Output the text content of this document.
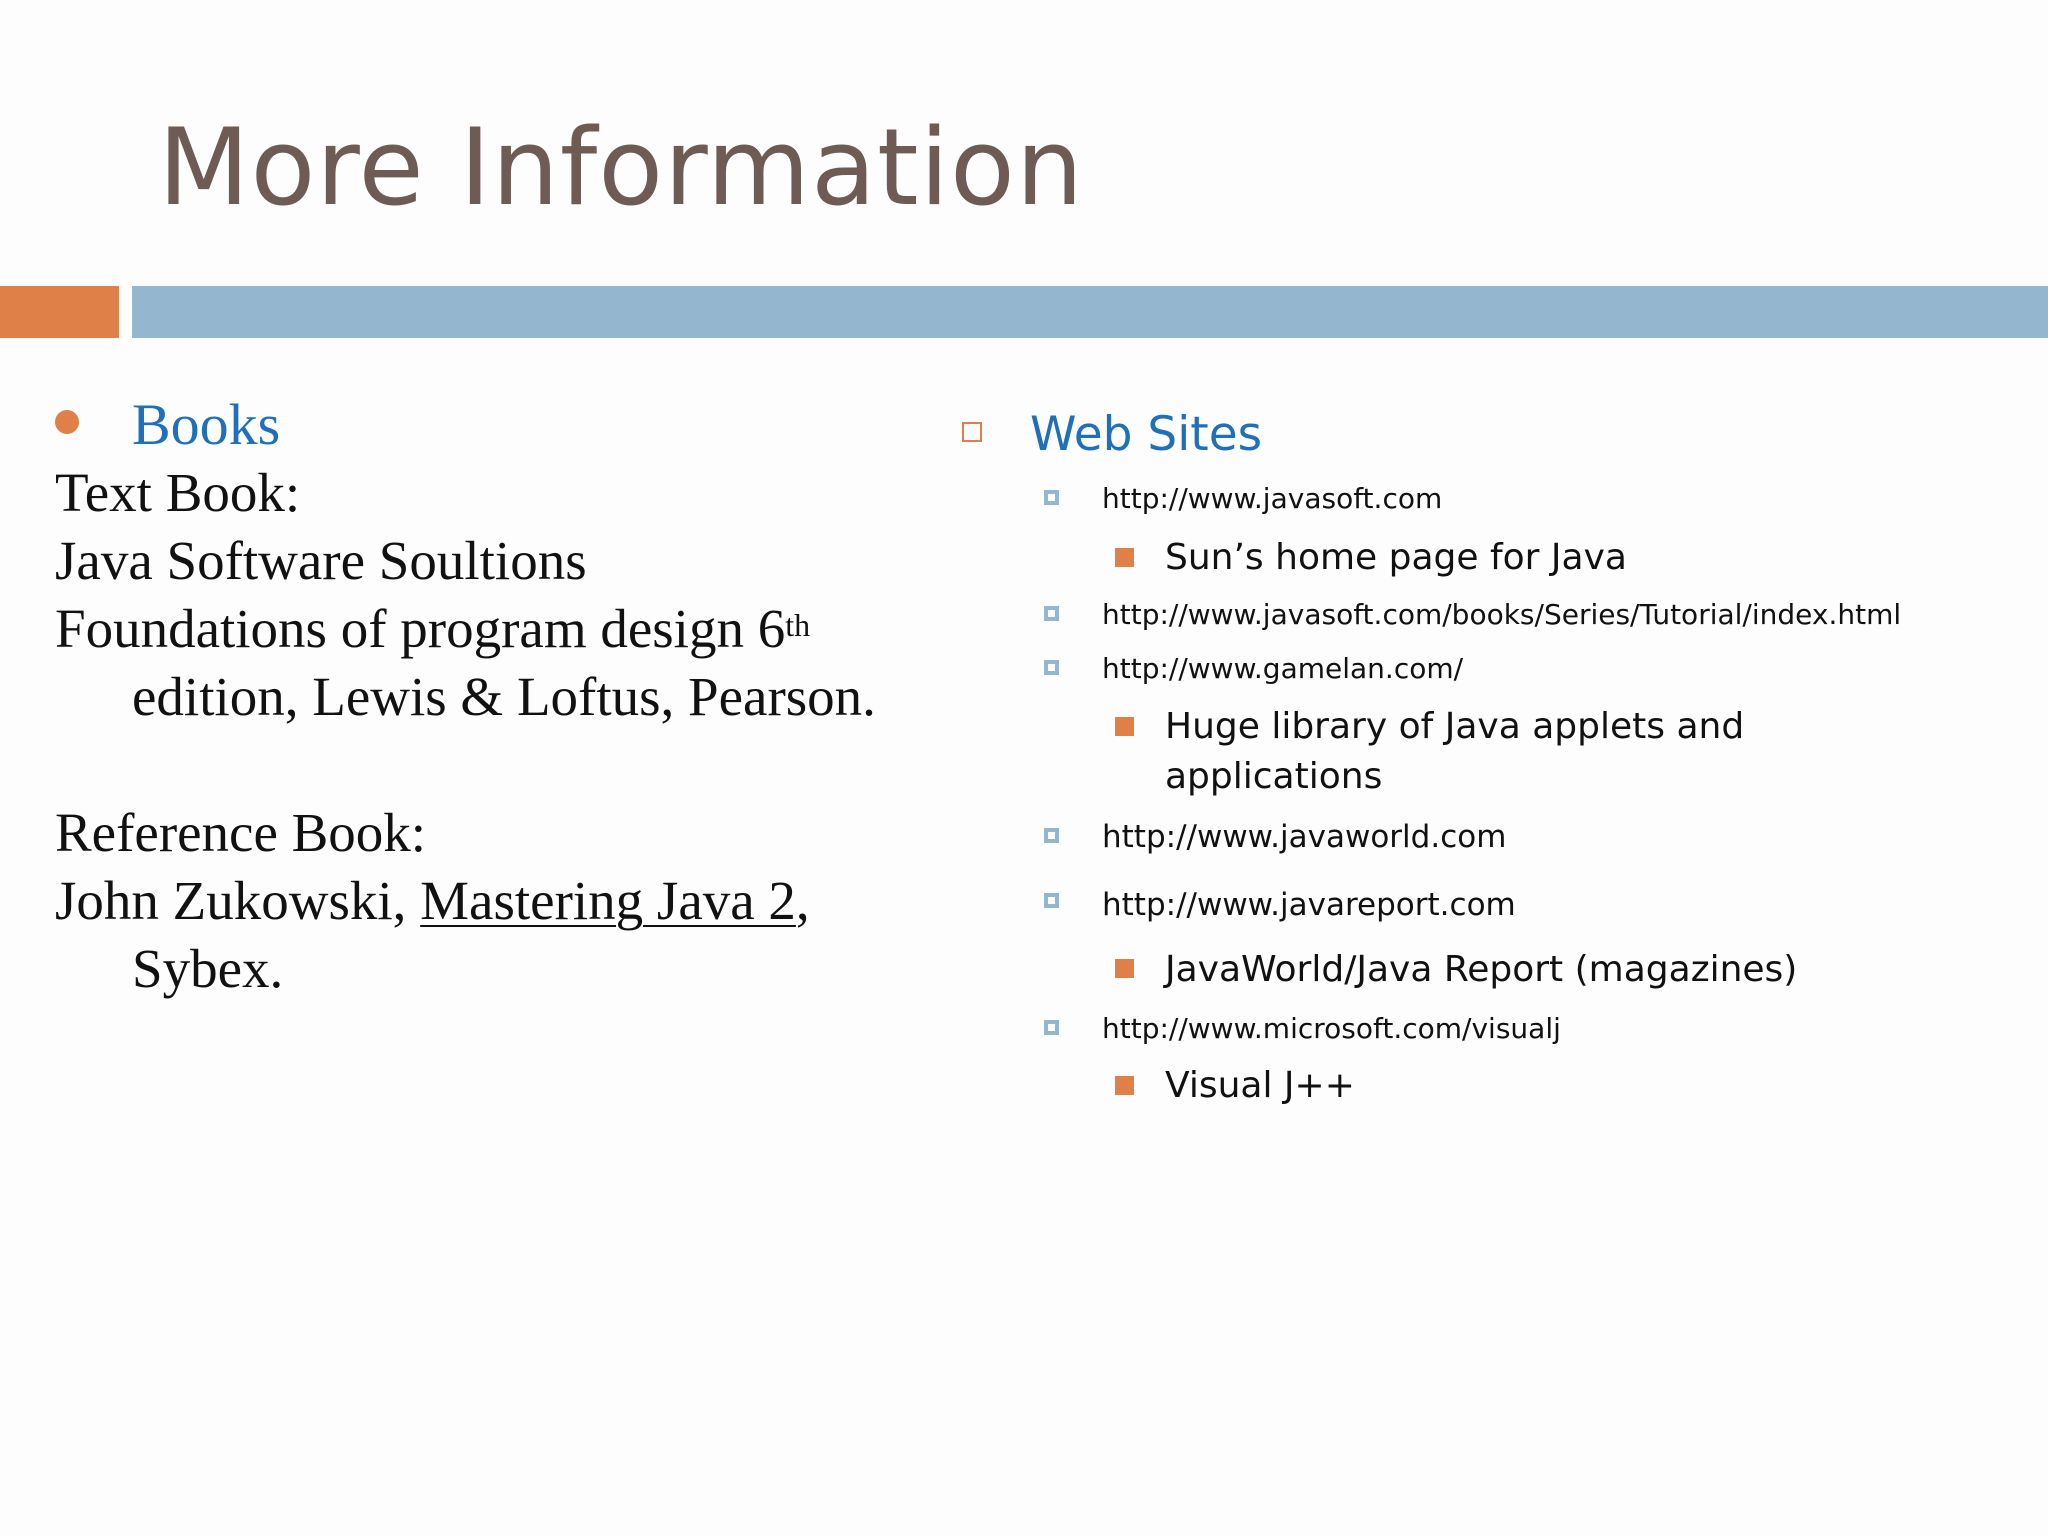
More Information
Books
Text Book:
Java Software Soultions
Foundations of program design 6th
edition, Lewis & Loftus, Pearson.
Reference Book:
John Zukowski, Mastering Java 2,
Sybex.
Web Sites
http://www.javasoft.com
Sun’s home page for Java
http://www.javasoft.com/books/Series/Tutorial/index.html
http://www.gamelan.com/
Huge library of Java applets and
applications
http://www.javaworld.com
http://www.javareport.com
JavaWorld/Java Report (magazines)
http://www.microsoft.com/visualj
Visual J++
